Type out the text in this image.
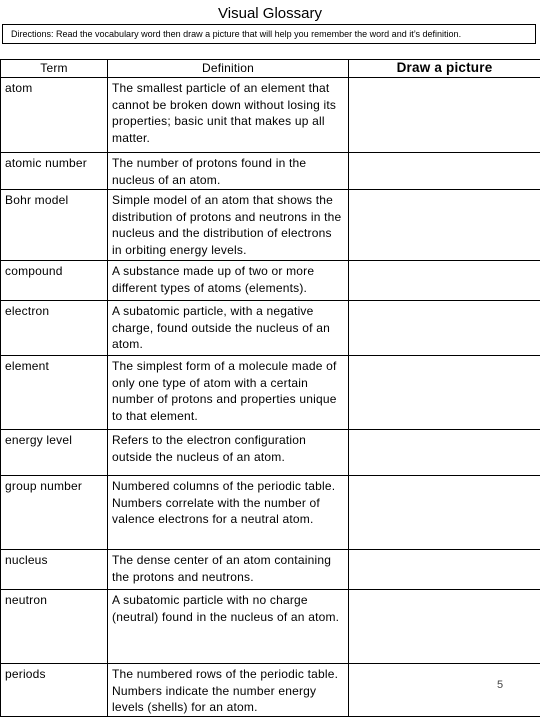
Visual Glossary
Directions: Read the vocabulary word then draw a picture that will help you remember the word and it’s definition.
Term	Definition	Draw a picture
atom	The smallest particle of an element that cannot be broken down without losing its properties; basic unit that makes up all matter.	
atomic number	The number of protons found in the nucleus of an atom.	
Bohr model	Simple model of an atom that shows the distribution of protons and neutrons in the nucleus and the distribution of electrons in orbiting energy levels.	
compound	A substance made up of two or more different types of atoms (elements).	
electron	A subatomic particle, with a negative charge, found outside the nucleus of an atom.	
element	The simplest form of a molecule made of only one type of atom with a certain number of protons and properties unique to that element.	
energy level	Refers to the electron configuration outside the nucleus of an atom.	
group number	Numbered columns of the periodic table. Numbers correlate with the number of valence electrons for a neutral atom.	
nucleus	The dense center of an atom containing the protons and neutrons.	
neutron	A subatomic particle with no charge (neutral) found in the nucleus of an atom.	
periods	The numbered rows of the periodic table. Numbers indicate the number energy levels (shells) for an atom.	
5
